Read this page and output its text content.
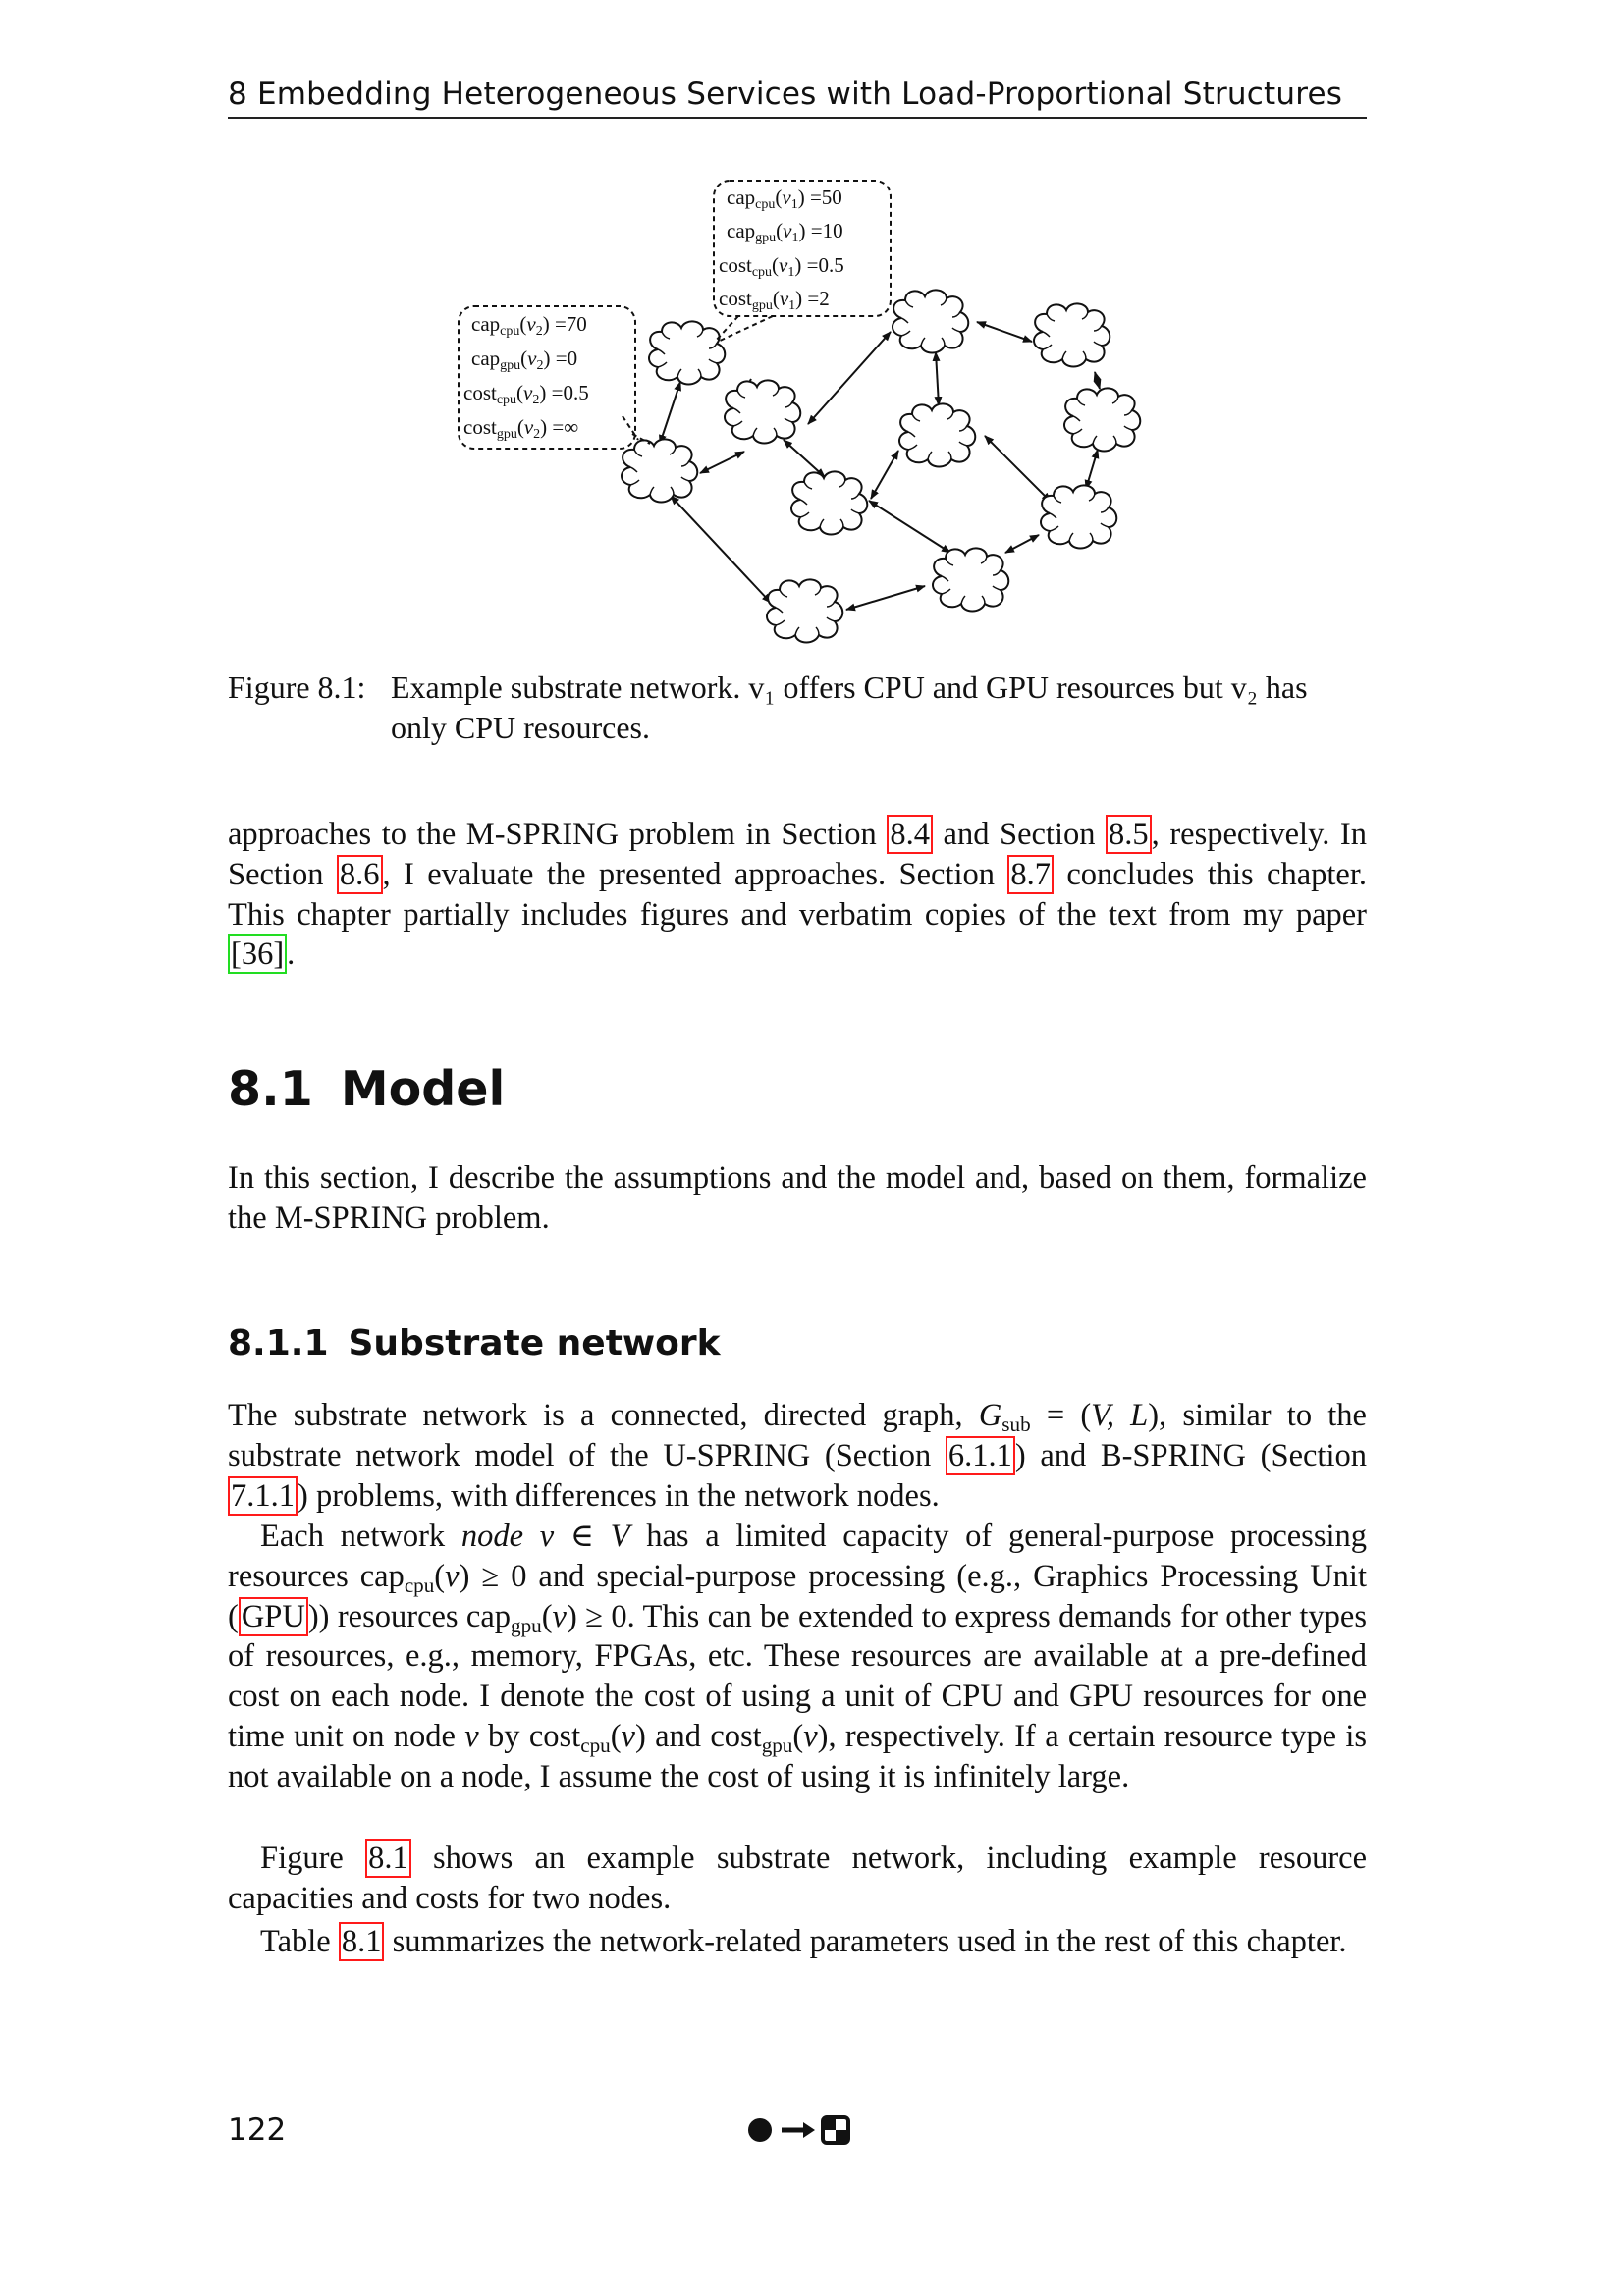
8 Embedding Heterogeneous Services with Load-Proportional Structures
capcpu(v1) =50
capgpu(v1) =10
costcpu(v1) =0.5
costgpu(v1) =2
capcpu(v2) =70
capgpu(v2) =0
costcpu(v2) =0.5
costgpu(v2) =∞
Figure 8.1: Example substrate network. v₁ offers CPU and GPU resources but v₂ has only CPU resources.

approaches to the M-SPRING problem in Section 8.4 and Section 8.5, respectively. In Section 8.6, I evaluate the presented approaches. Section 8.7 concludes this chapter. This chapter partially includes figures and verbatim copies of the text from my paper [36].

8.1 Model

In this section, I describe the assumptions and the model and, based on them, formalize the M-SPRING problem.

8.1.1 Substrate network

The substrate network is a connected, directed graph, $G_{sub} = (V$, L), similar to the substrate network model of the U-SPRING (Section 6.1.1) and B-SPRING (Section 7.1.1) problems, with differences in the network nodes.

Each network node v ∈ V has a limited capacity of general-purpose processing resources cap$_{cpu}$(v) ≥ 0 and special-purpose processing (e.g., Graphics Processing Unit (GPU)) resources cap$_{gpu}$(v) ≥ 0. This can be extended to express demands for other types of resources, e.g., memory, FPGAs, etc. These resources are available at a pre-defined cost on each node. I denote the cost of using a unit of CPU and GPU resources for one time unit on node v by cost$_{cpu}$(v) and cost$_{gpu}$(v), respectively. If a certain resource type is not available on a node, I assume the cost of using it is infinitely large.

Figure 8.1 shows an example substrate network, including example resource capacities and costs for two nodes.

Table 8.1 summarizes the network-related parameters used in the rest of this chapter.

122
